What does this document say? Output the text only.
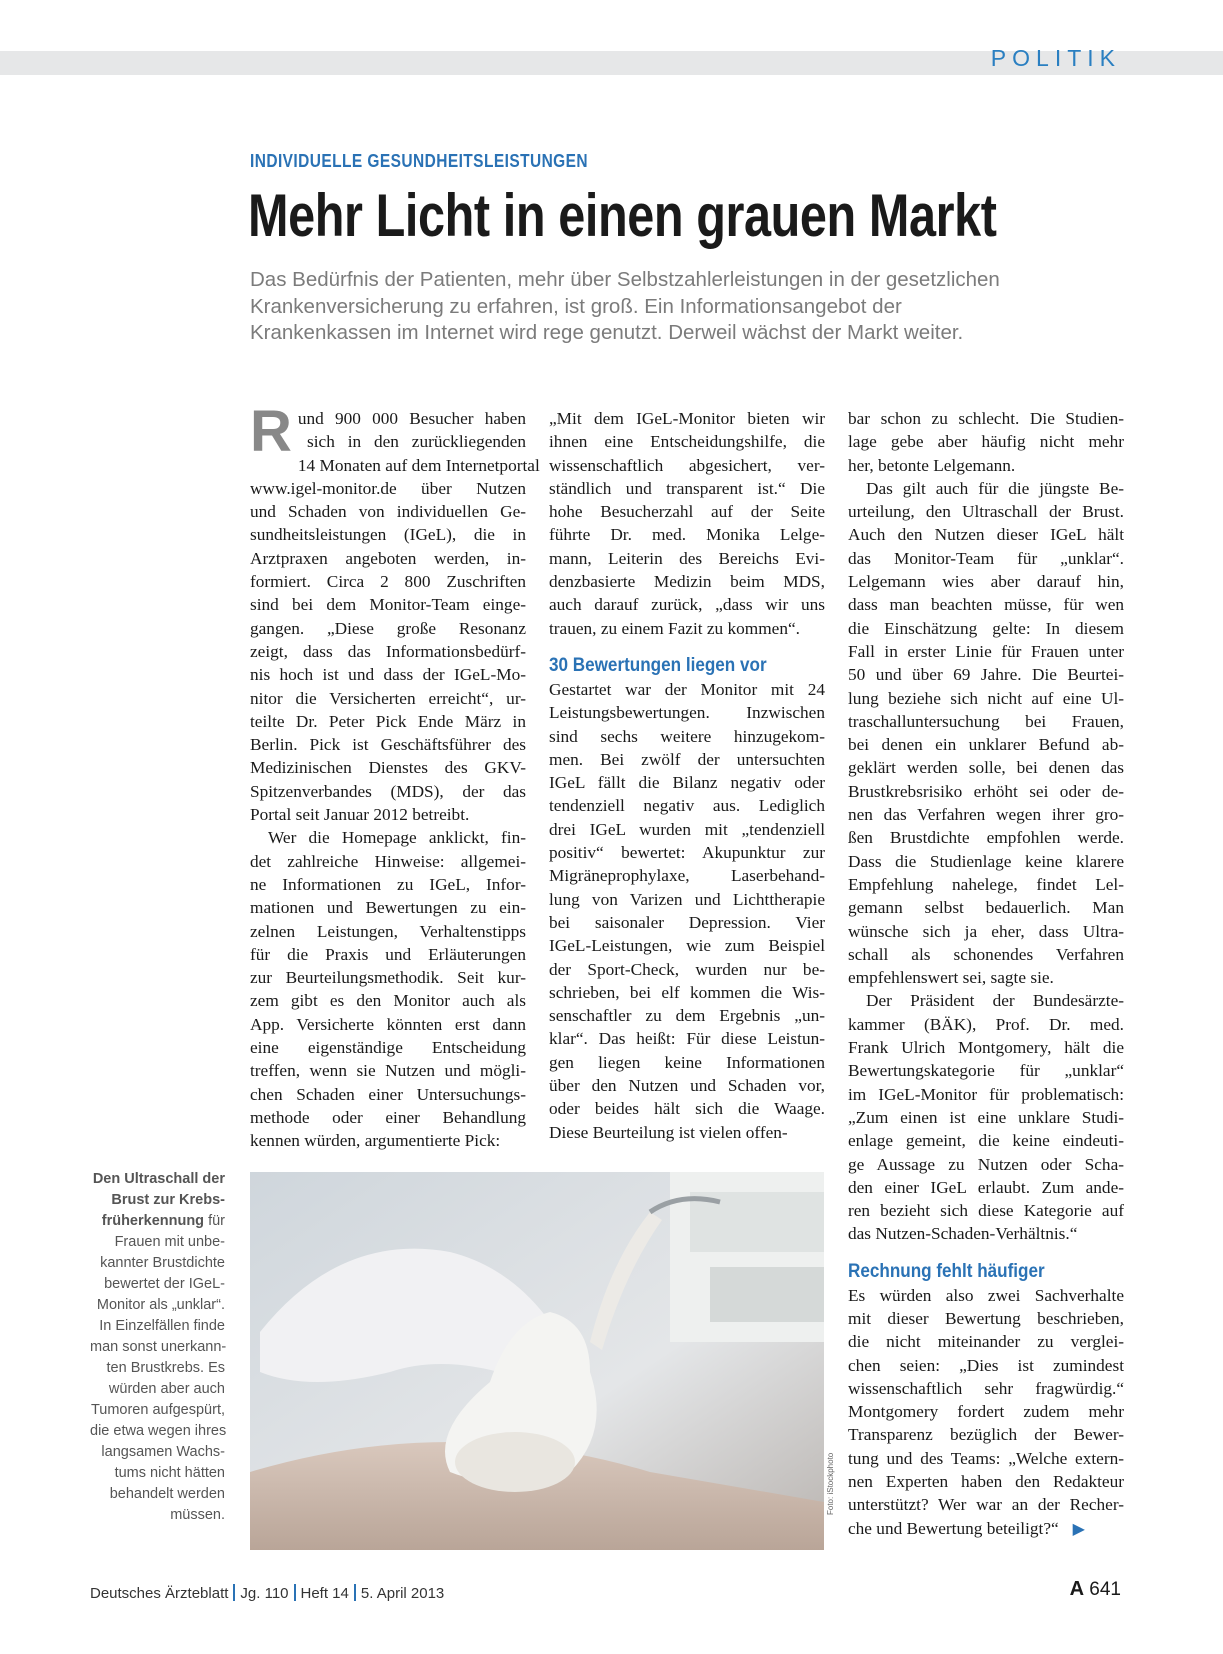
POLITIK
INDIVIDUELLE GESUNDHEITSLEISTUNGEN
Mehr Licht in einen grauen Markt

Das Bedürfnis der Patienten, mehr über Selbstzahlerleistungen in der gesetzlichen

Krankenversicherung zu erfahren, ist groß. Ein Informationsangebot der

Krankenkassen im Internet wird rege genutzt. Derweil wächst der Markt weiter.

R und 900 000 Besucher haben

sich in den zurückliegenden

14 Monaten auf dem Internetportal

www.igel-monitor.de über Nutzen

und Schaden von individuellen Ge-

sundheitsleistungen (IGeL), die in

Arztpraxen angeboten werden, in-

formiert. Circa 2 800 Zuschriften

sind bei dem Monitor-Team einge-

gangen. „Diese große Resonanz

zeigt, dass das Informationsbedürf-

nis hoch ist und dass der IGeL-Mo-

nitor die Versicherten erreicht“, ur-

teilte Dr. Peter Pick Ende März in

Berlin. Pick ist Geschäftsführer des

Medizinischen Dienstes des GKV-

Spitzenverbandes (MDS), der das

Portal seit Januar 2012 betreibt.

Wer die Homepage anklickt, fin-

det zahlreiche Hinweise: allgemei-

ne Informationen zu IGeL, Infor-

mationen und Bewertungen zu ein-

zelnen Leistungen, Verhaltenstipps

für die Praxis und Erläuterungen

zur Beurteilungsmethodik. Seit kur-

zem gibt es den Monitor auch als

App. Versicherte könnten erst dann

eine eigenständige Entscheidung

treffen, wenn sie Nutzen und mögli-

chen Schaden einer Untersuchungs-

methode oder einer Behandlung

kennen würden, argumentierte Pick:

„Mit dem IGeL-Monitor bieten wir

ihnen eine Entscheidungshilfe, die

wissenschaftlich abgesichert, ver-

ständlich und transparent ist.“ Die

hohe Besucherzahl auf der Seite

führte Dr. med. Monika Lelge-

mann, Leiterin des Bereichs Evi-

denzbasierte Medizin beim MDS,

auch darauf zurück, „dass wir uns

trauen, zu einem Fazit zu kommen“.

30 Bewertungen liegen vor

Gestartet war der Monitor mit 24

Leistungsbewertungen. Inzwischen

sind sechs weitere hinzugekom-

men. Bei zwölf der untersuchten

IGeL fällt die Bilanz negativ oder

tendenziell negativ aus. Lediglich

drei IGeL wurden mit „tendenziell

positiv“ bewertet: Akupunktur zur

Migräneprophylaxe, Laserbehand-

lung von Varizen und Lichttherapie

bei saisonaler Depression. Vier

IGeL-Leistungen, wie zum Beispiel

der Sport-Check, wurden nur be-

schrieben, bei elf kommen die Wis-

senschaftler zu dem Ergebnis „un-

klar“. Das heißt: Für diese Leistun-

gen liegen keine Informationen

über den Nutzen und Schaden vor,

oder beides hält sich die Waage.

Diese Beurteilung ist vielen offen-

bar schon zu schlecht. Die Studien-

lage gebe aber häufig nicht mehr

her, betonte Lelgemann.

Das gilt auch für die jüngste Be-

urteilung, den Ultraschall der Brust.

Auch den Nutzen dieser IGeL hält

das Monitor-Team für „unklar“.

Lelgemann wies aber darauf hin,

dass man beachten müsse, für wen

die Einschätzung gelte: In diesem

Fall in erster Linie für Frauen unter

50 und über 69 Jahre. Die Beurtei-

lung beziehe sich nicht auf eine Ul-

traschalluntersuchung bei Frauen,

bei denen ein unklarer Befund ab-

geklärt werden solle, bei denen das

Brustkrebsrisiko erhöht sei oder de-

nen das Verfahren wegen ihrer gro-

ßen Brustdichte empfohlen werde.

Dass die Studienlage keine klarere

Empfehlung nahelege, findet Lel-

gemann selbst bedauerlich. Man

wünsche sich ja eher, dass Ultra-

schall als schonendes Verfahren

empfehlenswert sei, sagte sie.

Der Präsident der Bundesärzte-

kammer (BÄK), Prof. Dr. med.

Frank Ulrich Montgomery, hält die

Bewertungskategorie für „unklar“

im IGeL-Monitor für problematisch:

„Zum einen ist eine unklare Studi-

enlage gemeint, die keine eindeuti-

ge Aussage zu Nutzen oder Scha-

den einer IGeL erlaubt. Zum ande-

ren bezieht sich diese Kategorie auf

das Nutzen-Schaden-Verhältnis.“

Rechnung fehlt häufiger

Es würden also zwei Sachverhalte

mit dieser Bewertung beschrieben,

die nicht miteinander zu verglei-

chen seien: „Dies ist zumindest

wissenschaftlich sehr fragwürdig.“

Montgomery fordert zudem mehr

Transparenz bezüglich der Bewer-

tung und des Teams: „Welche extern-

nen Experten haben den Redakteur

unterstützt? Wer war an der Recher-

che und Bewertung beteiligt?“ ▶

Den Ultraschall der
Brust zur Krebs-
früherkennung für
Frauen mit unbe-
kannter Brustdichte
bewertet der IGeL-
Monitor als „unklar“.
In Einzelfällen finde
man sonst unerkann-
ten Brustkrebs. Es
würden aber auch
Tumoren aufgespürt,
die etwa wegen ihres
langsamen Wachs-
tums nicht hätten
behandelt werden
müssen.	Foto: iStockphoto
Deutsches Ärzteblatt Jg. 110 Heft 14 5. April 2013	A 641
